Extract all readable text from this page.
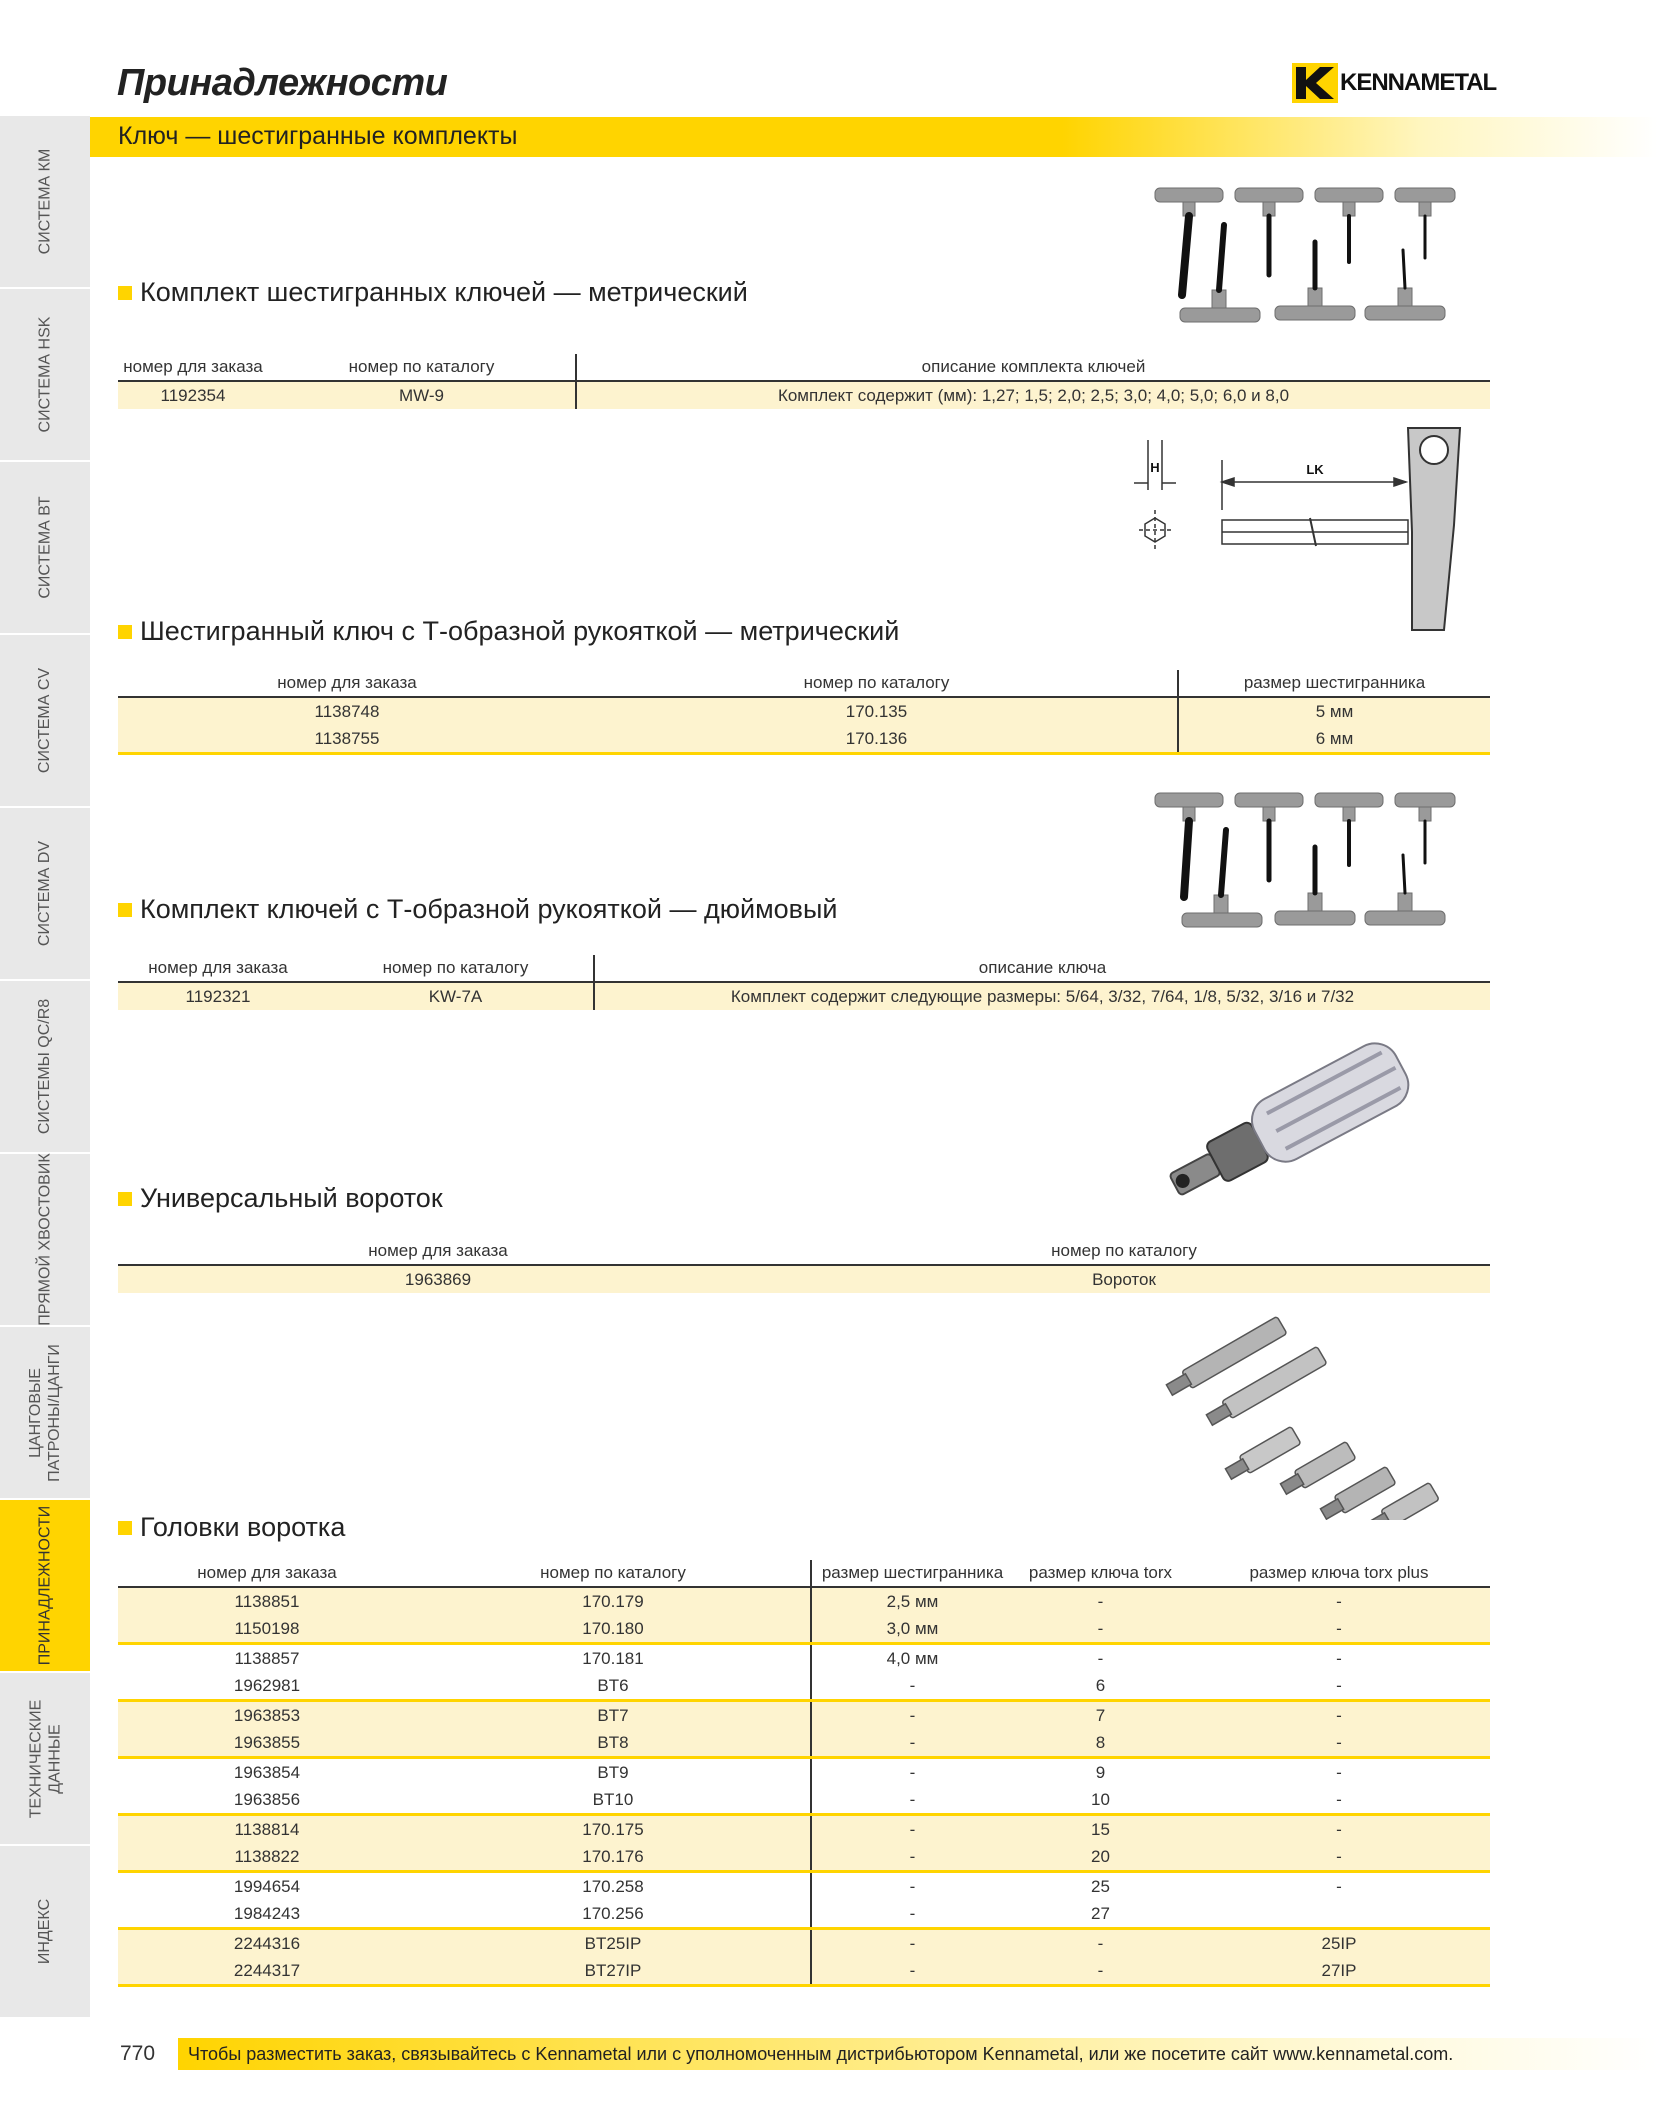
СИСТЕМА КМ
СИСТЕМА HSK
СИСТЕМА ВТ
СИСТЕМА CV
СИСТЕМА DV
СИСТЕМЫ QC/R8
ПРЯМОЙ ХВОСТОВИК
ЦАНГОВЫЕ
ПАТРОНЫ/ЦАНГИ
ПРИНАДЛЕЖНОСТИ
ТЕХНИЧЕСКИЕ
ДАННЫЕ
ИНДЕКС
Принадлежности	KENNAMETAL
Ключ — шестигранные комплекты
Комплект шестигранных ключей — метрический
номер для заказа	номер по каталогу	описание комплекта ключей
1192354	MW-9	Комплект содержит (мм): 1,27; 1,5; 2,0; 2,5; 3,0; 4,0; 5,0; 6,0 и 8,0
H	LK
Шестигранный ключ с Т-образной рукояткой — метрический
номер для заказа	номер по каталогу	размер шестигранника
1138748	170.135	5 мм
1138755	170.136	6 мм
Комплект ключей с Т-образной рукояткой — дюймовый
номер для заказа	номер по каталогу	описание ключа
1192321	KW-7A	Комплект содержит следующие размеры: 5/64, 3/32, 7/64, 1/8, 5/32, 3/16 и 7/32
Универсальный вороток
номер для заказа	номер по каталогу
1963869	Вороток
Головки воротка
номер для заказа	номер по каталогу	размер шестигранника	размер ключа torx	размер ключа torx plus
1138851	170.179	2,5 мм	-	-
1150198	170.180	3,0 мм	-	-
1138857	170.181	4,0 мм	-	-
1962981	BT6	-	6	-
1963853	BT7	-	7	-
1963855	BT8	-	8	-
1963854	BT9	-	9	-
1963856	BT10	-	10	-
1138814	170.175	-	15	-
1138822	170.176	-	20	-
1994654	170.258	-	25	-
1984243	170.256	-	27	
2244316	BT25IP	-	-	25IP
2244317	BT27IP	-	-	27IP
770 Чтобы разместить заказ, связывайтесь с Kennametal или с уполномоченным дистрибьютором Kennametal, или же посетите сайт www.kennametal.com.
